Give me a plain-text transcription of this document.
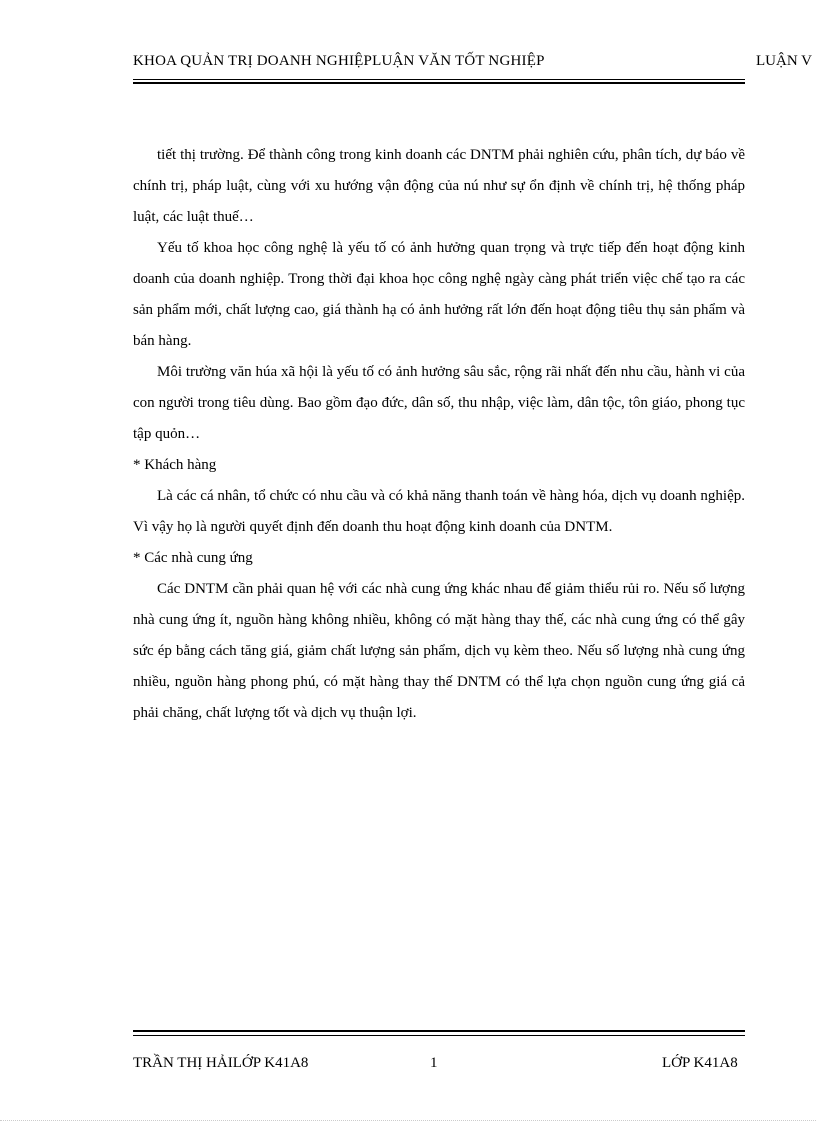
KHOA QUẢN TRỊ DOANH NGHIỆPLUẬN VĂN TỐT NGHIỆP	LUẬN V

tiết thị trường. Để thành công trong kinh doanh các DNTM phải nghiên cứu, phân tích, dự báo về chính trị, pháp luật, cùng với xu hướng vận động của nú như sự ổn định về chính trị, hệ thống pháp luật, các luật thuế…

Yếu tố khoa học công nghệ là yếu tố có ảnh hưởng quan trọng và trực tiếp đến hoạt động kinh doanh của doanh nghiệp. Trong thời đại khoa học công nghệ ngày càng phát triển việc chế tạo ra các sản phẩm mới, chất lượng cao, giá thành hạ có ảnh hưởng rất lớn đến hoạt động tiêu thụ sản phẩm và bán hàng.

Môi trường văn húa xã hội là yếu tố có ảnh hưởng sâu sắc, rộng rãi nhất đến nhu cầu, hành vi của con người trong tiêu dùng. Bao gồm đạo đức, dân số, thu nhập, việc làm, dân tộc, tôn giáo, phong tục tập quỏn…

* Khách hàng

Là các cá nhân, tổ chức có nhu cầu và có khả năng thanh toán về hàng hóa, dịch vụ doanh nghiệp. Vì vậy họ là người quyết định đến doanh thu hoạt động kinh doanh của DNTM.

* Các nhà cung ứng

Các DNTM cần phải quan hệ với các nhà cung ứng khác nhau để giảm thiểu rủi ro. Nếu số lượng nhà cung ứng ít, nguồn hàng không nhiều, không có mặt hàng thay thế, các nhà cung ứng có thể gây sức ép bằng cách tăng giá, giảm chất lượng sản phẩm, dịch vụ kèm theo. Nếu số lượng nhà cung ứng nhiều, nguồn hàng phong phú, có mặt hàng thay thế DNTM có thể lựa chọn nguồn cung ứng giá cả phải chăng, chất lượng tốt và dịch vụ thuận lợi.

TRẦN THỊ HẢILỚP K41A8	1	LỚP K41A8
